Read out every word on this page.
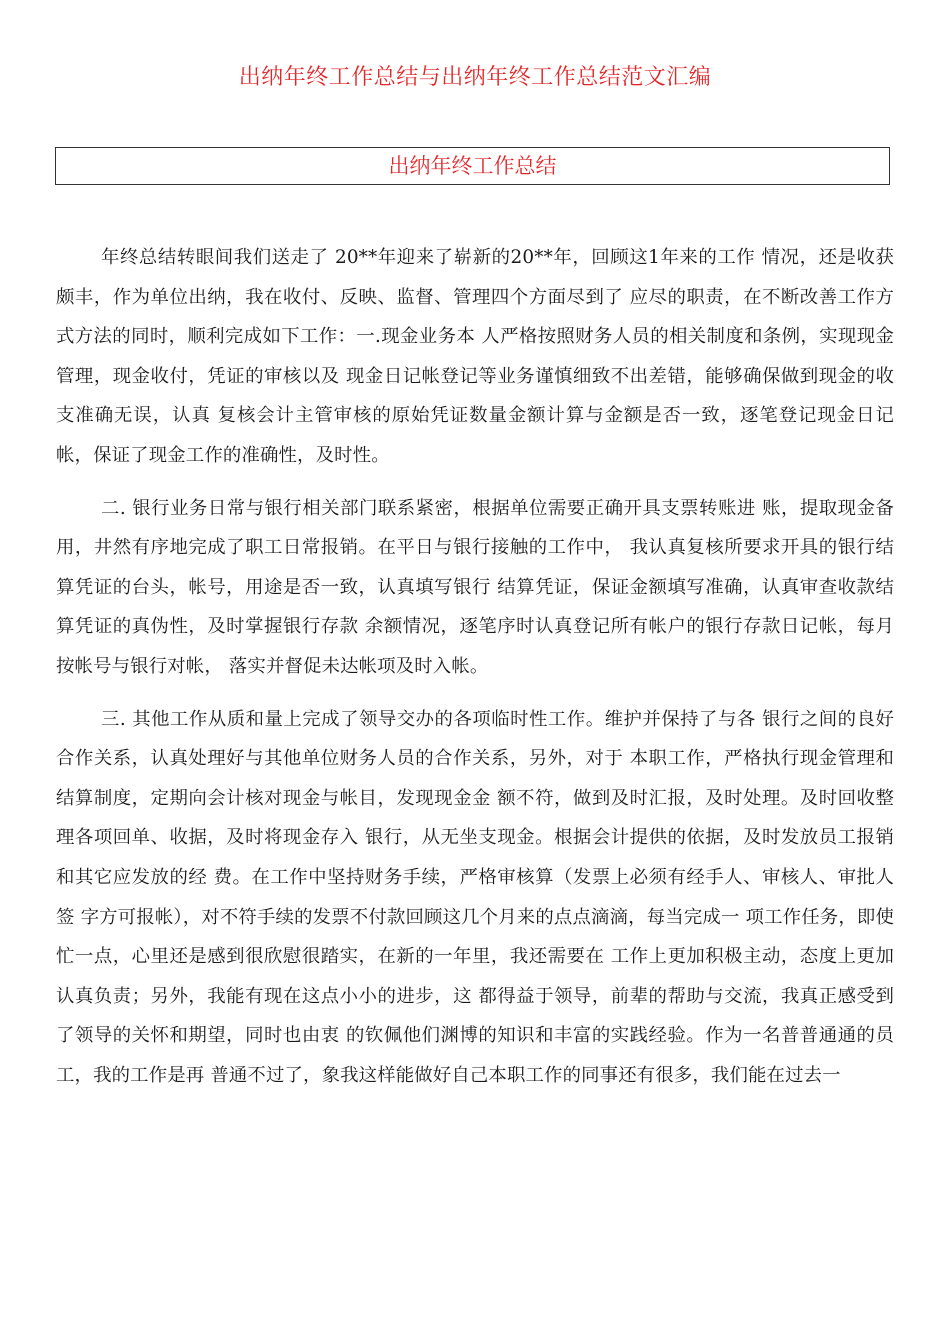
出纳年终工作总结与出纳年终工作总结范文汇编
出纳年终工作总结

年终总结转眼间我们送走了 20**年迎来了崭新的20**年，回顾这1年来的工作 情况，还是收获颇丰，作为单位出纳，我在收付、反映、监督、管理四个方面尽到了 应尽的职责，在不断改善工作方式方法的同时，顺利完成如下工作：一.现金业务本 人严格按照财务人员的相关制度和条例，实现现金管理，现金收付，凭证的审核以及 现金日记帐登记等业务谨慎细致不出差错，能够确保做到现金的收支准确无误，认真 复核会计主管审核的原始凭证数量金额计算与金额是否一致，逐笔登记现金日记 帐，保证了现金工作的准确性，及时性。

二. 银行业务日常与银行相关部门联系紧密，根据单位需要正确开具支票转账进 账，提取现金备用，井然有序地完成了职工日常报销。在平日与银行接触的工作中， 我认真复核所要求开具的银行结算凭证的台头，帐号，用途是否一致，认真填写银行 结算凭证，保证金额填写准确，认真审查收款结算凭证的真伪性，及时掌握银行存款 余额情况，逐笔序时认真登记所有帐户的银行存款日记帐，每月按帐号与银行对帐， 落实并督促未达帐项及时入帐。

三. 其他工作从质和量上完成了领导交办的各项临时性工作。维护并保持了与各 银行之间的良好合作关系，认真处理好与其他单位财务人员的合作关系，另外，对于 本职工作，严格执行现金管理和结算制度，定期向会计核对现金与帐目，发现现金金 额不符，做到及时汇报，及时处理。及时回收整理各项回单、收据，及时将现金存入 银行，从无坐支现金。根据会计提供的依据，及时发放员工报销和其它应发放的经 费。在工作中坚持财务手续，严格审核算（发票上必须有经手人、审核人、审批人签 字方可报帐），对不符手续的发票不付款回顾这几个月来的点点滴滴，每当完成一 项工作任务，即使忙一点，心里还是感到很欣慰很踏实，在新的一年里，我还需要在 工作上更加积极主动，态度上更加认真负责；另外，我能有现在这点小小的进步，这 都得益于领导，前辈的帮助与交流，我真正感受到了领导的关怀和期望，同时也由衷 的钦佩他们渊博的知识和丰富的实践经验。作为一名普普通通的员工，我的工作是再 普通不过了，象我这样能做好自己本职工作的同事还有很多，我们能在过去一
